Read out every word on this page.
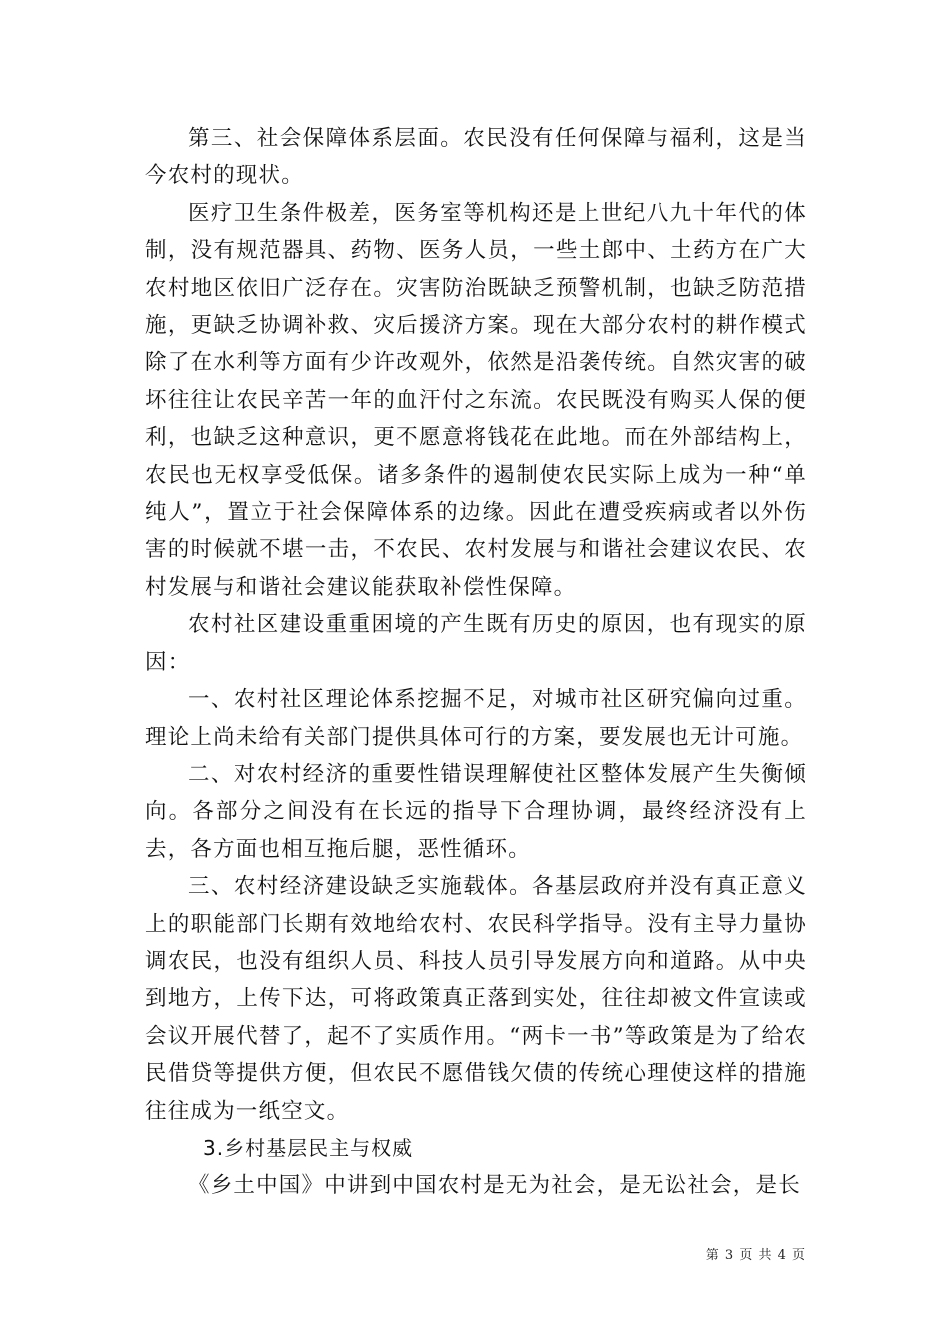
第三、社会保障体系层面。农民没有任何保障与福利，这是当今农村的现状。

医疗卫生条件极差，医务室等机构还是上世纪八九十年代的体制，没有规范器具、药物、医务人员，一些土郎中、土药方在广大农村地区依旧广泛存在。灾害防治既缺乏预警机制，也缺乏防范措施，更缺乏协调补救、灾后援济方案。现在大部分农村的耕作模式除了在水利等方面有少许改观外，依然是沿袭传统。自然灾害的破坏往往让农民辛苦一年的血汗付之东流。农民既没有购买人保的便利，也缺乏这种意识，更不愿意将钱花在此地。而在外部结构上，农民也无权享受低保。诸多条件的遏制使农民实际上成为一种“单纯人”，置立于社会保障体系的边缘。因此在遭受疾病或者以外伤害的时候就不堪一击，不农民、农村发展与和谐社会建议农民、农村发展与和谐社会建议能获取补偿性保障。

农村社区建设重重困境的产生既有历史的原因，也有现实的原因：

一、农村社区理论体系挖掘不足，对城市社区研究偏向过重。理论上尚未给有关部门提供具体可行的方案，要发展也无计可施。

二、对农村经济的重要性错误理解使社区整体发展产生失衡倾向。各部分之间没有在长远的指导下合理协调，最终经济没有上去，各方面也相互拖后腿，恶性循环。

三、农村经济建设缺乏实施载体。各基层政府并没有真正意义上的职能部门长期有效地给农村、农民科学指导。没有主导力量协调农民，也没有组织人员、科技人员引导发展方向和道路。从中央到地方，上传下达，可将政策真正落到实处，往往却被文件宣读或会议开展代替了，起不了实质作用。“两卡一书”等政策是为了给农民借贷等提供方便，但农民不愿借钱欠债的传统心理使这样的措施往往成为一纸空文。

3.乡村基层民主与权威

《乡土中国》中讲到中国农村是无为社会，是无讼社会，是长

第 3 页 共 4 页
